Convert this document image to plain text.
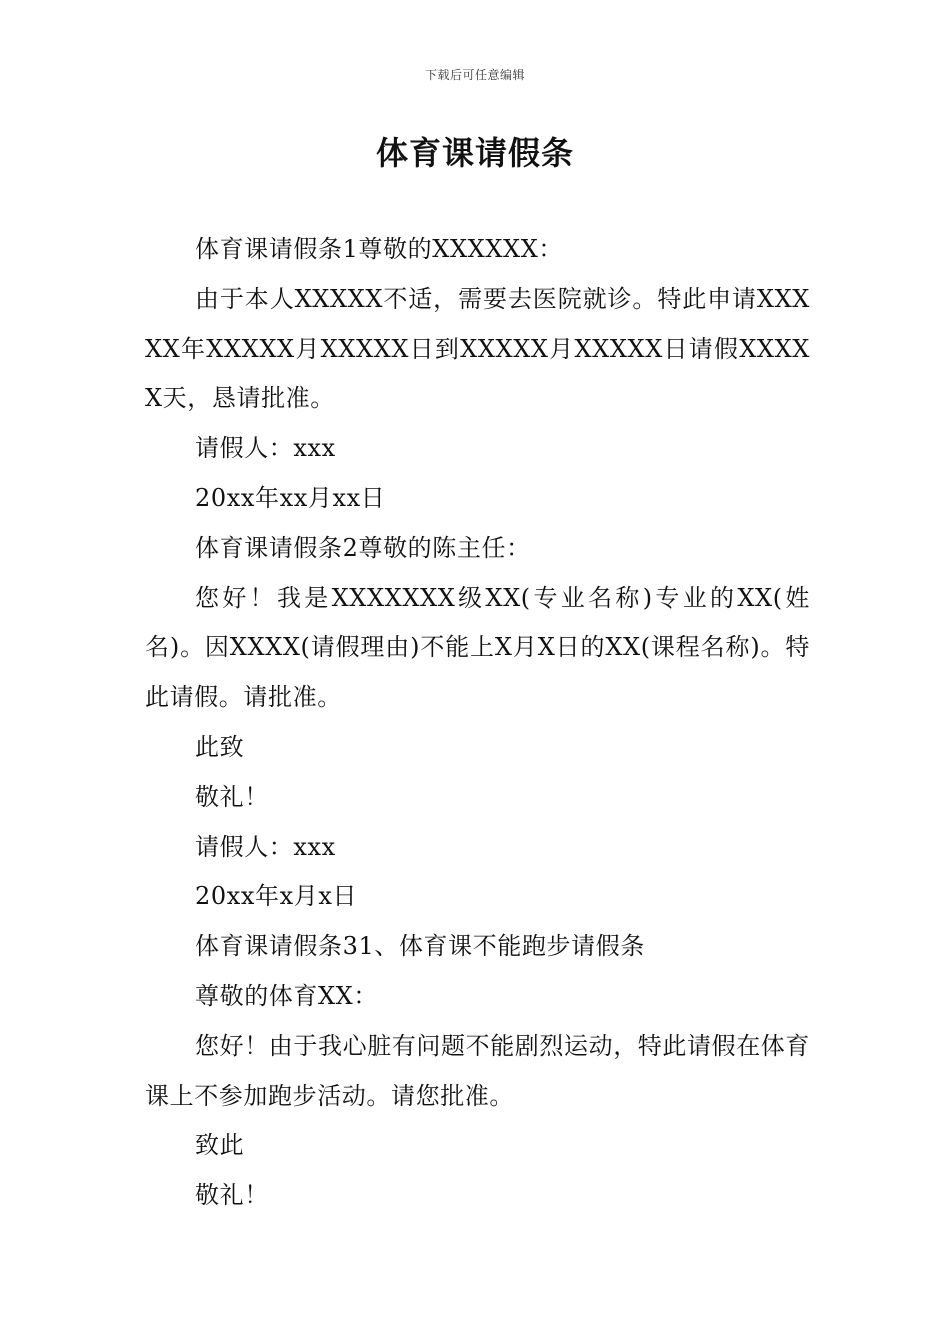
下载后可任意编辑
体育课请假条

体育课请假条1尊敬的XXXXXX：

由于本人XXXXX不适，需要去医院就诊。特此申请XXXXX年XXXXX月XXXXX日到XXXXX月XXXXX日请假XXXXX天，恳请批准。

请假人：xxx

20xx年xx月xx日

体育课请假条2尊敬的陈主任：

您好！我是XXXXXXX级XX(专业名称)专业的XX(姓名)。因XXXX(请假理由)不能上X月X日的XX(课程名称)。特此请假。请批准。

此致

敬礼！

请假人：xxx

20xx年x月x日

体育课请假条31、体育课不能跑步请假条

尊敬的体育XX：

您好！由于我心脏有问题不能剧烈运动，特此请假在体育课上不参加跑步活动。请您批准。

致此

敬礼！
